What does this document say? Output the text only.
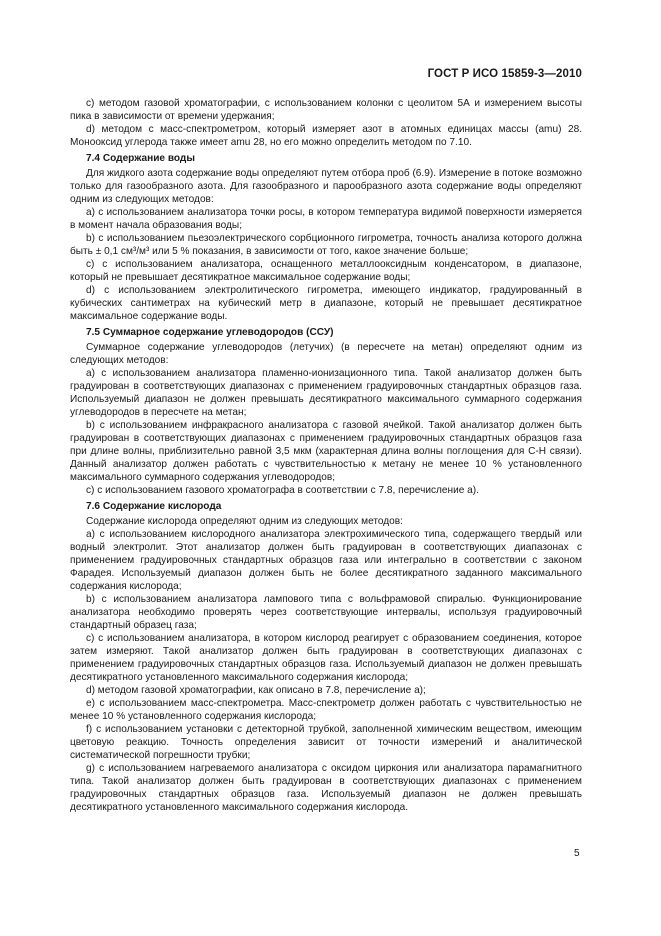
ГОСТ Р ИСО 15859-3—2010

c) методом газовой хроматографии, с использованием колонки с цеолитом 5А и измерением высоты пика в зависимости от времени удержания;

d) методом с масс-спектрометром, который измеряет азот в атомных единицах массы (amu) 28. Монооксид углерода также имеет amu 28, но его можно определить методом по 7.10.

7.4 Содержание воды

Для жидкого азота содержание воды определяют путем отбора проб (6.9). Измерение в потоке возможно только для газообразного азота. Для газообразного и парообразного азота содержание воды определяют одним из следующих методов:

a) с использованием анализатора точки росы, в котором температура видимой поверхности измеряется в момент начала образования воды;

b) с использованием пьезоэлектрического сорбционного гигрометра, точность анализа которого должна быть ± 0,1 см³/м³ или 5 % показания, в зависимости от того, какое значение больше;

c) с использованием анализатора, оснащенного металлооксидным конденсатором, в диапазоне, который не превышает десятикратное максимальное содержание воды;

d) с использованием электролитического гигрометра, имеющего индикатор, градуированный в кубических сантиметрах на кубический метр в диапазоне, который не превышает десятикратное максимальное содержание воды.

7.5 Суммарное содержание углеводородов (ССУ)

Суммарное содержание углеводородов (летучих) (в пересчете на метан) определяют одним из следующих методов:

a) с использованием анализатора пламенно-ионизационного типа. Такой анализатор должен быть градуирован в соответствующих диапазонах с применением градуировочных стандартных образцов газа. Используемый диапазон не должен превышать десятикратного максимального суммарного содержания углеводородов в пересчете на метан;

b) с использованием инфракрасного анализатора с газовой ячейкой. Такой анализатор должен быть градуирован в соответствующих диапазонах с применением градуировочных стандартных образцов газа при длине волны, приблизительно равной 3,5 мкм (характерная длина волны поглощения для С-Н связи). Данный анализатор должен работать с чувствительностью к метану не менее 10 % установленного максимального суммарного содержания углеводородов;

c) с использованием газового хроматографа в соответствии с 7.8, перечисление а).

7.6 Содержание кислорода

Содержание кислорода определяют одним из следующих методов:

a) с использованием кислородного анализатора электрохимического типа, содержащего твердый или водный электролит. Этот анализатор должен быть градуирован в соответствующих диапазонах с применением градуировочных стандартных образцов газа или интегрально в соответствии с законом Фарадея. Используемый диапазон должен быть не более десятикратного заданного максимального содержания кислорода;

b) с использованием анализатора лампового типа с вольфрамовой спиралью. Функционирование анализатора необходимо проверять через соответствующие интервалы, используя градуировочный стандартный образец газа;

c) с использованием анализатора, в котором кислород реагирует с образованием соединения, которое затем измеряют. Такой анализатор должен быть градуирован в соответствующих диапазонах с применением градуировочных стандартных образцов газа. Используемый диапазон не должен превышать десятикратного установленного максимального содержания кислорода;

d) методом газовой хроматографии, как описано в 7.8, перечисление а);

e) с использованием масс-спектрометра. Масс-спектрометр должен работать с чувствительностью не менее 10 % установленного содержания кислорода;

f) с использованием установки с детекторной трубкой, заполненной химическим веществом, имеющим цветовую реакцию. Точность определения зависит от точности измерений и аналитической систематической погрешности трубки;

g) с использованием нагреваемого анализатора с оксидом циркония или анализатора парамагнитного типа. Такой анализатор должен быть градуирован в соответствующих диапазонах с применением градуировочных стандартных образцов газа. Используемый диапазон не должен превышать десятикратного установленного максимального содержания кислорода.

5
